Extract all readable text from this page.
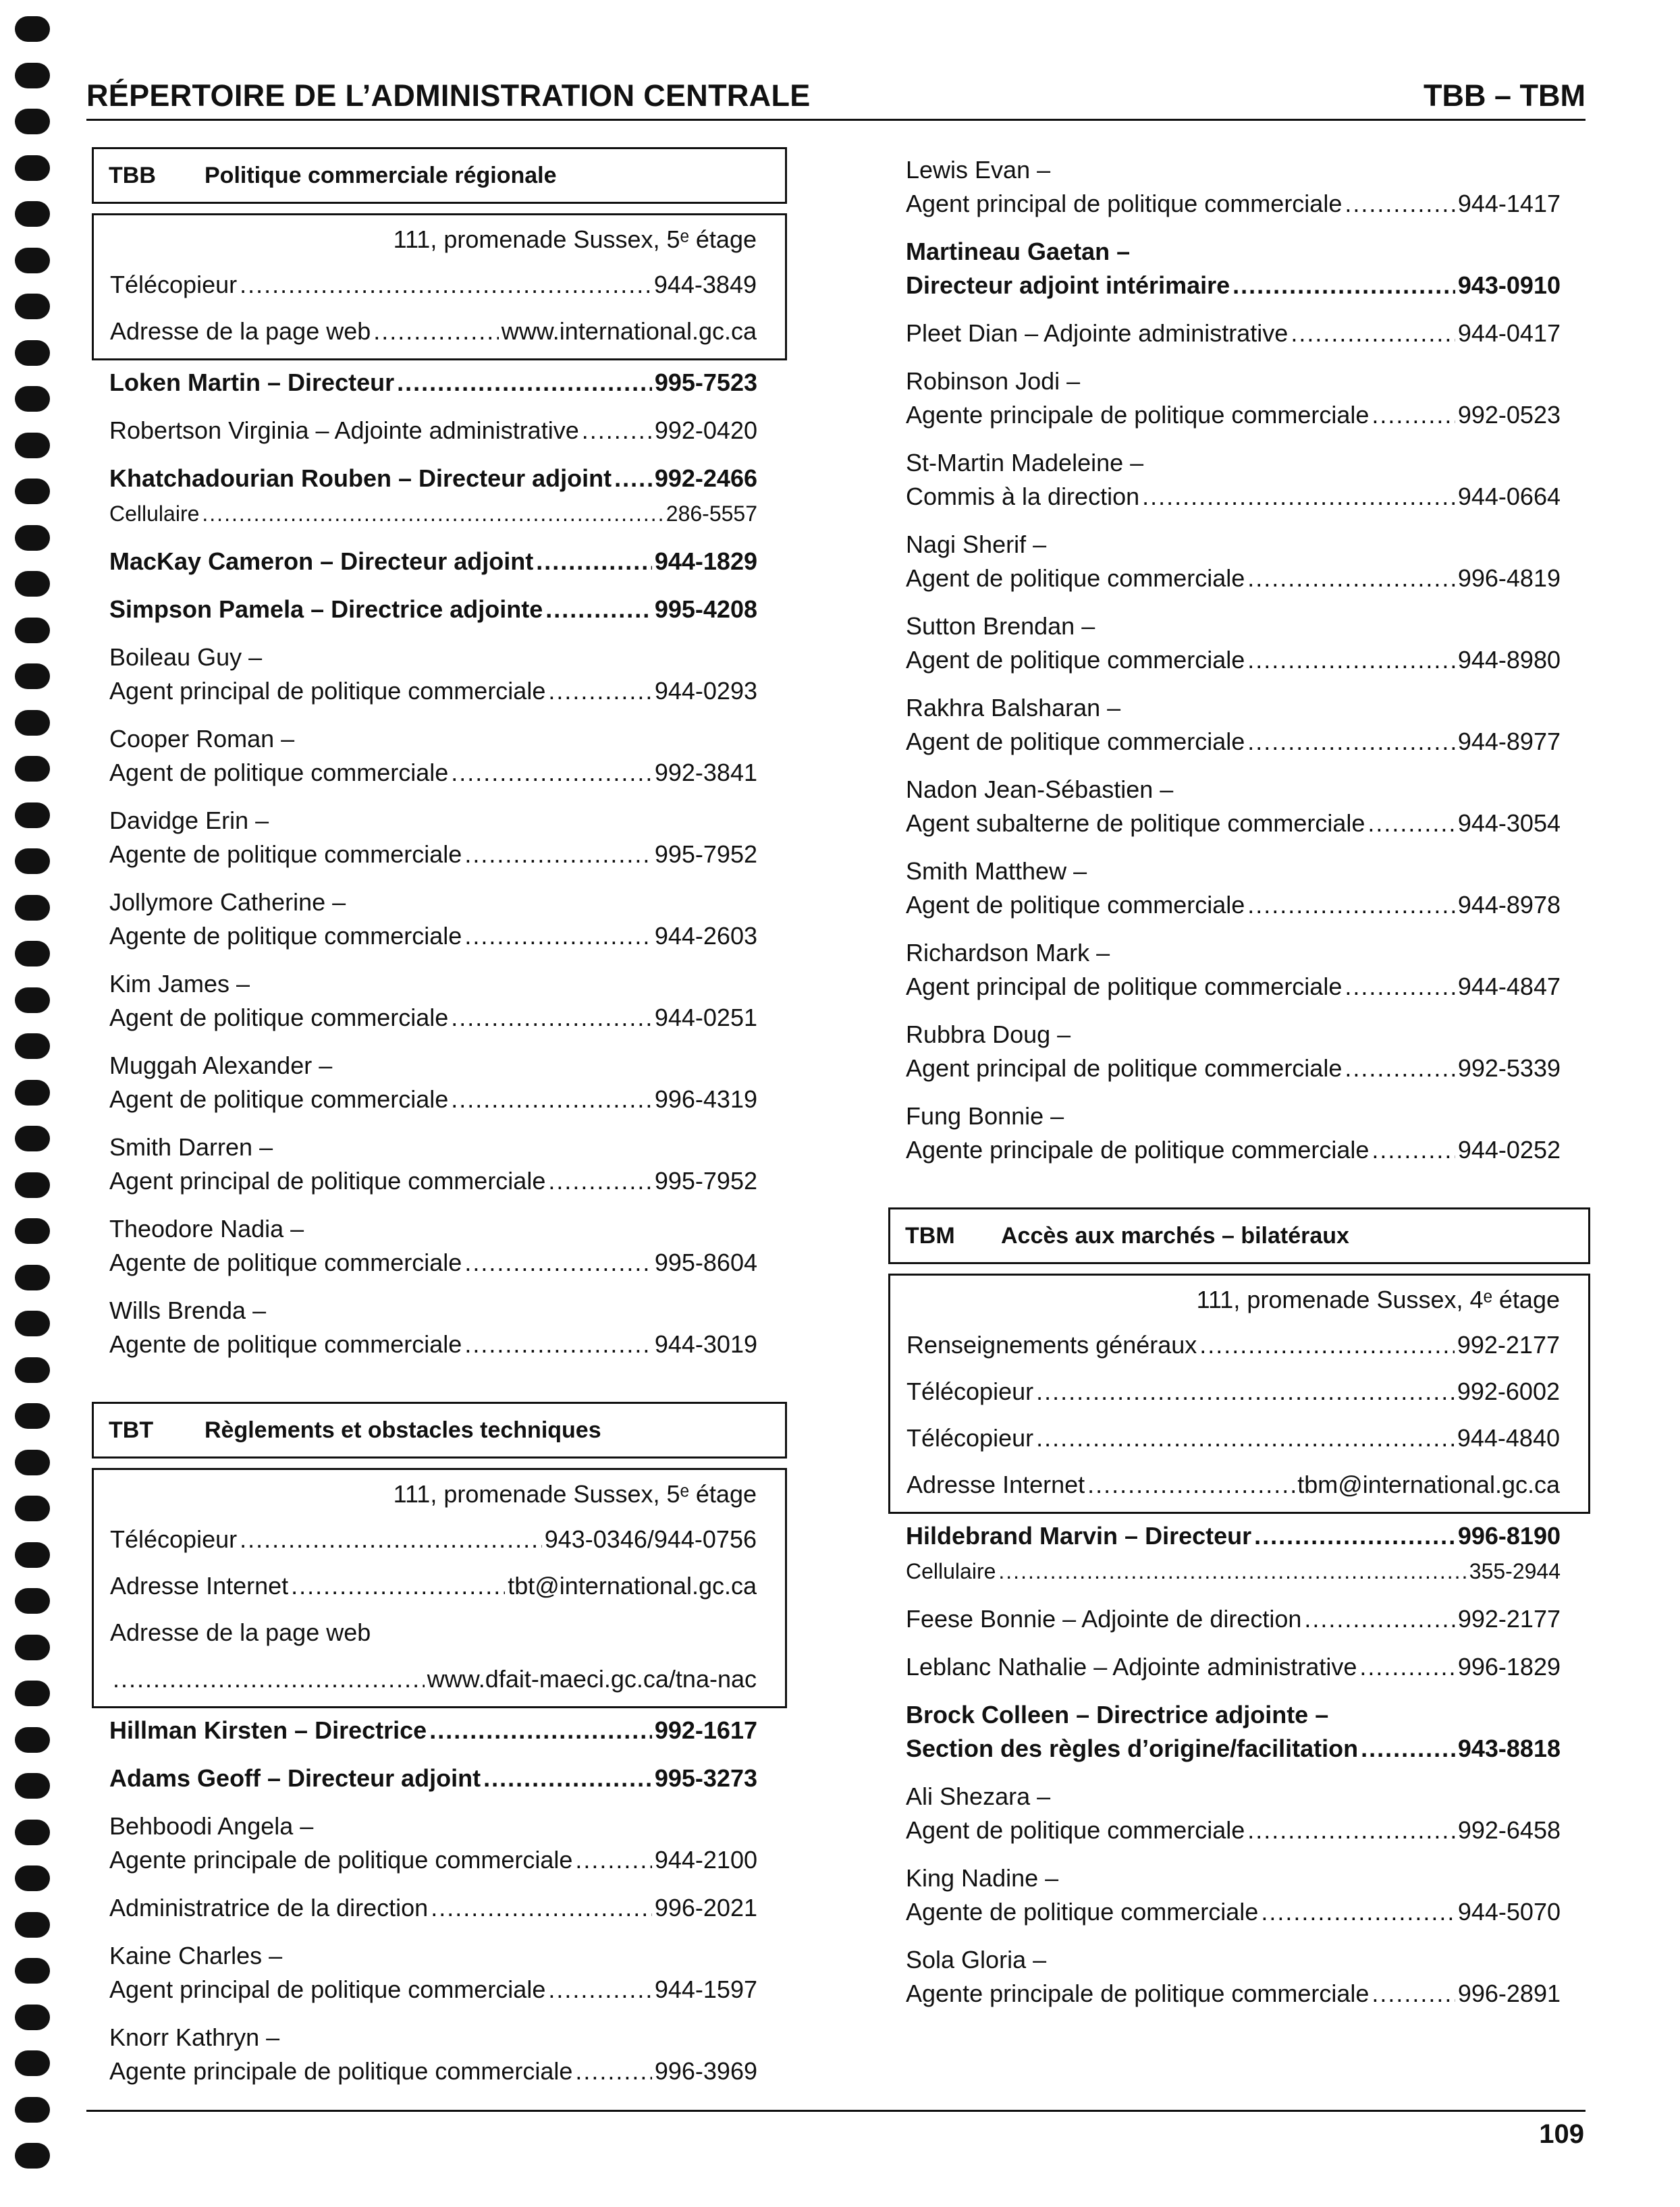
RÉPERTOIRE DE L’ADMINISTRATION CENTRALE	TBB – TBM
TBB	Politique commerciale régionale
111, promenade Sussex, 5ᵉ étage
Télécopieur .....	944-3849
Adresse de la page web .....	www.international.gc.ca
Loken Martin – Directeur .....	995-7523
Robertson Virginia – Adjointe administrative .....	992-0420
Khatchadourian Rouben – Directeur adjoint ..... 992-2466
Cellulaire .....	286-5557
MacKay Cameron – Directeur adjoint .....	944-1829
Simpson Pamela – Directrice adjointe .....	995-4208
Boileau Guy –
Agent principal de politique commerciale .....	944-0293
Cooper Roman –
Agent de politique commerciale .....	992-3841
Davidge Erin –
Agente de politique commerciale .....	995-7952
Jollymore Catherine –
Agente de politique commerciale .....	944-2603
Kim James –
Agent de politique commerciale .....	944-0251
Muggah Alexander –
Agent de politique commerciale .....	996-4319
Smith Darren –
Agent principal de politique commerciale .....	995-7952
Theodore Nadia –
Agente de politique commerciale .....	995-8604
Wills Brenda –
Agente de politique commerciale .....	944-3019
TBT	Règlements et obstacles techniques
111, promenade Sussex, 5ᵉ étage
Télécopieur .....	943-0346/944-0756
Adresse Internet .....	tbt@international.gc.ca
Adresse de la page web
.....
www.dfait-maeci.gc.ca/tna-nac
Hillman Kirsten – Directrice .....	992-1617
Adams Geoff – Directeur adjoint .....	995-3273
Behboodi Angela –
Agente principale de politique commerciale .....	944-2100
Administratrice de la direction .....	996-2021
Kaine Charles –
Agent principal de politique commerciale .....	944-1597
Knorr Kathryn –
Agente principale de politique commerciale .....	996-3969
Lewis Evan –
Agent principal de politique commerciale .....	944-1417
Martineau Gaetan –
Directeur adjoint intérimaire .....	943-0910
Pleet Dian – Adjointe administrative .....	944-0417
Robinson Jodi –
Agente principale de politique commerciale .....	992-0523
St-Martin Madeleine –
Commis à la direction .....	944-0664
Nagi Sherif –
Agent de politique commerciale .....	996-4819
Sutton Brendan –
Agent de politique commerciale .....	944-8980
Rakhra Balsharan –
Agent de politique commerciale .....	944-8977
Nadon Jean-Sébastien –
Agent subalterne de politique commerciale .....	944-3054
Smith Matthew –
Agent de politique commerciale .....	944-8978
Richardson Mark –
Agent principal de politique commerciale .....	944-4847
Rubbra Doug –
Agent principal de politique commerciale .....	992-5339
Fung Bonnie –
Agente principale de politique commerciale .....	944-0252
TBM	Accès aux marchés – bilatéraux
111, promenade Sussex, 4ᵉ étage
Renseignements généraux .....	992-2177
Télécopieur .....	992-6002
Télécopieur .....	944-4840
Adresse Internet .....	tbm@international.gc.ca
Hildebrand Marvin – Directeur .....	996-8190
Cellulaire .....	355-2944
Feese Bonnie – Adjointe de direction .....	992-2177
Leblanc Nathalie – Adjointe administrative .....	996-1829
Brock Colleen – Directrice adjointe –
Section des règles d’origine/facilitation .....	943-8818
Ali Shezara –
Agent de politique commerciale .....	992-6458
King Nadine –
Agente de politique commerciale .....	944-5070
Sola Gloria –
Agente principale de politique commerciale .....	996-2891
109
